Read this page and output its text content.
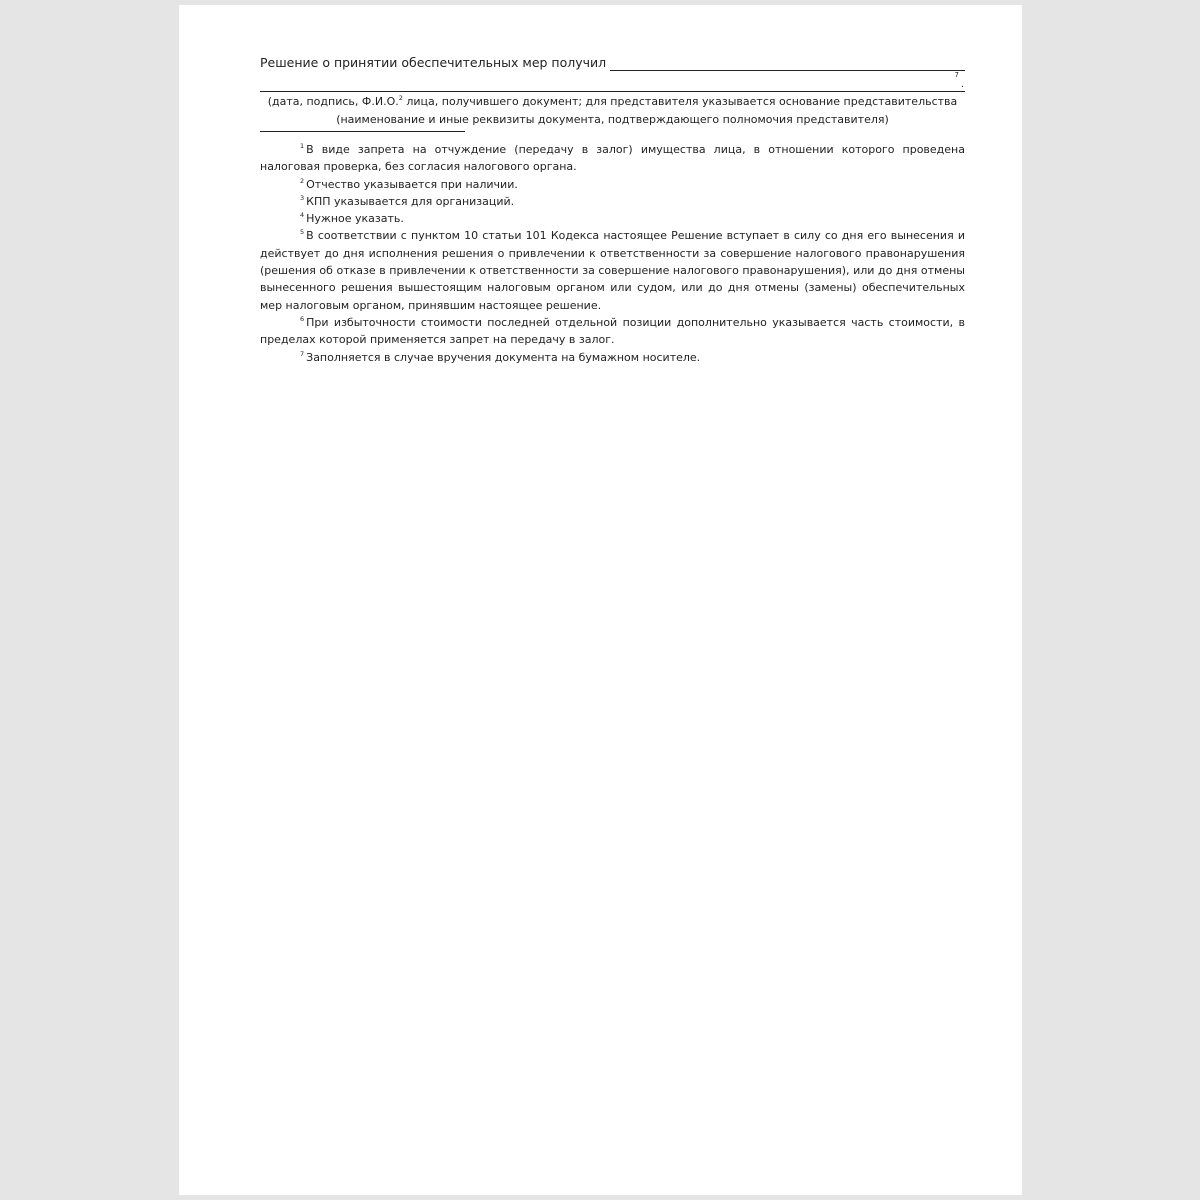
Решение о принятии обеспечительных мер получил
7
.
(дата, подпись, Ф.И.О.$^2$ лица, получившего документ; для представителя указывается основание представительства
(наименование и иные реквизиты документа, подтверждающего полномочия представителя)

$^1$ В виде запрета на отчуждение (передачу в залог) имущества лица, в отношении которого проведена налоговая проверка, без согласия налогового органа.

$^2$ Отчество указывается при наличии.

$^3$ КПП указывается для организаций.

$^4$ Нужное указать.

$^5$ В соответствии с пунктом 10 статьи 101 Кодекса настоящее Решение вступает в силу со дня его вынесения и действует до дня исполнения решения о привлечении к ответственности за совершение налогового правонарушения (решения об отказе в привлечении к ответственности за совершение налогового правонарушения), или до дня отмены вынесенного решения вышестоящим налоговым органом или судом, или до дня отмены (замены) обеспечительных мер налоговым органом, принявшим настоящее решение.

$^6$ При избыточности стоимости последней отдельной позиции дополнительно указывается часть стоимости, в пределах которой применяется запрет на передачу в залог.

$^7$ Заполняется в случае вручения документа на бумажном носителе.
